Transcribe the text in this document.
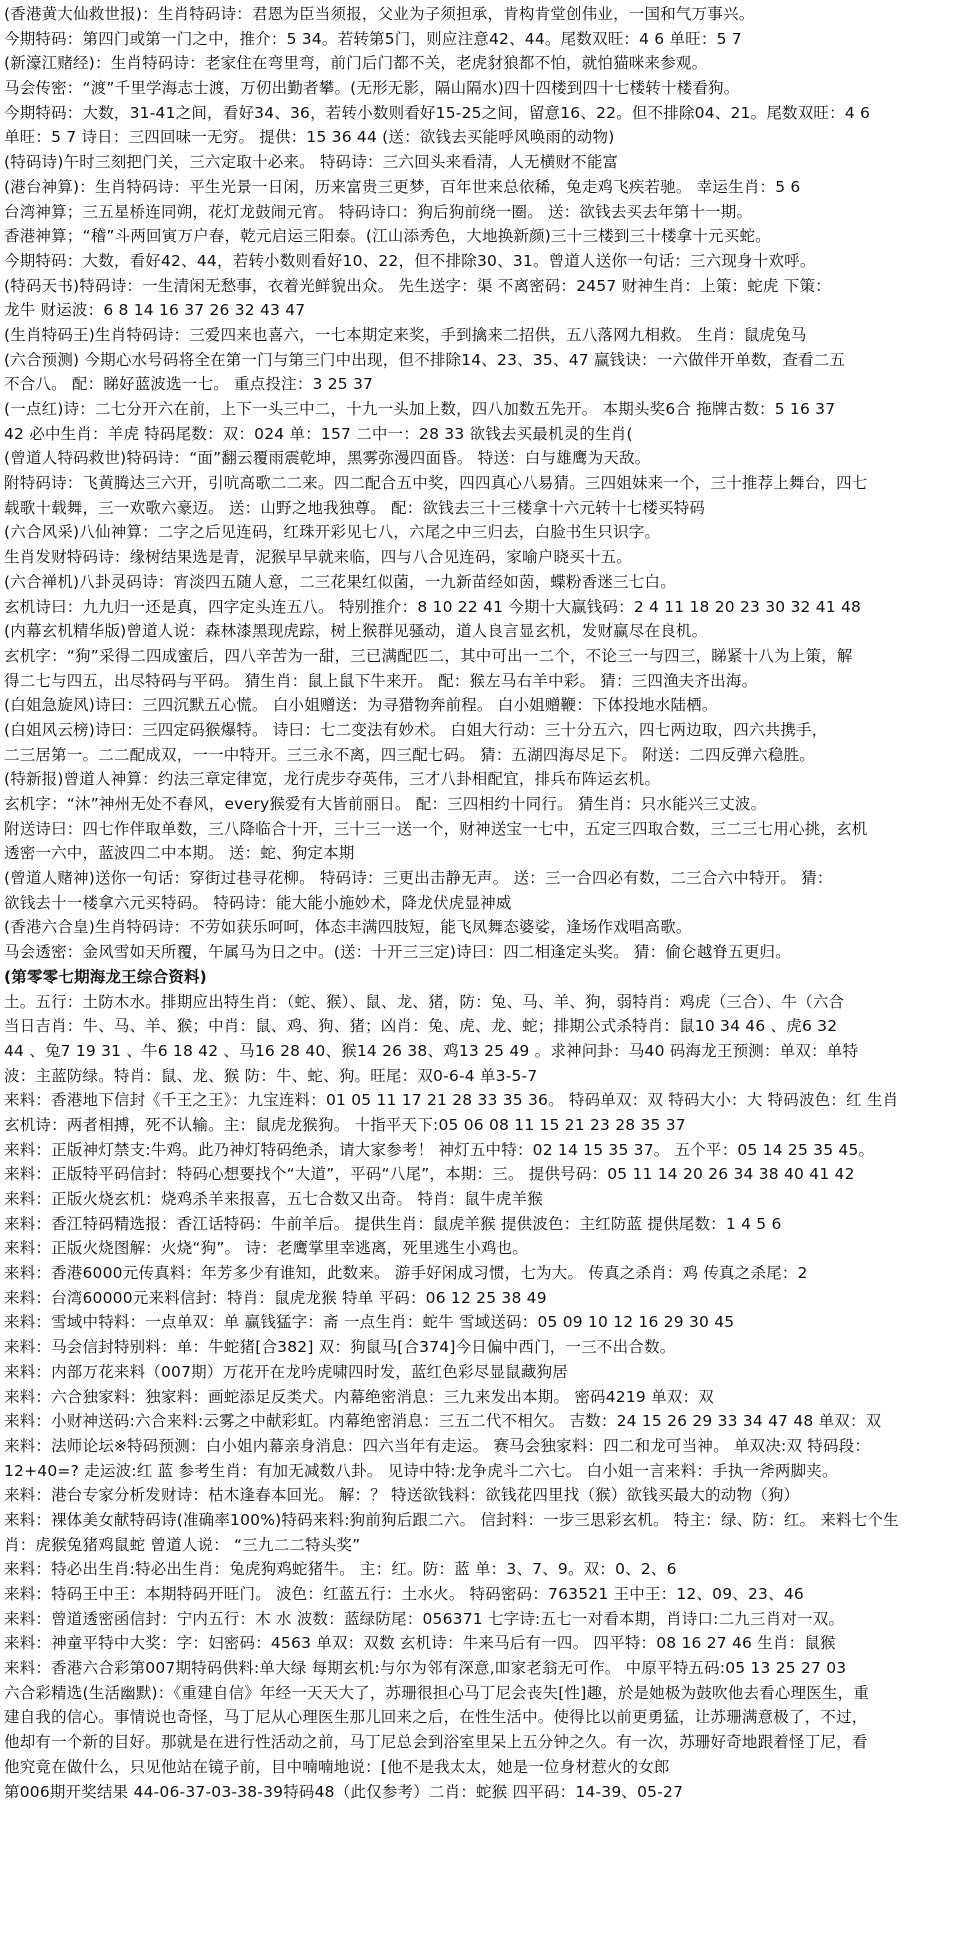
(香港黄大仙救世报)：生肖特码诗：君恩为臣当须报，父业为子须担承，肯构肯堂创伟业，一国和气万事兴。
今期特码：第四门或第一门之中，推介：5 34。若转第5门，则应注意42、44。尾数双旺：4 6 单旺：5 7
(新濠江赌经)：生肖特码诗：老家住在弯里弯，前门后门都不关，老虎豺狼都不怕，就怕猫咪来参观。
马会传密：“渡”千里学海志士渡，万仞出勤者攀。(无形无影，隔山隔水)四十四楼到四十七楼转十楼看狗。
今期特码：大数，31-41之间，看好34、36，若转小数则看好15-25之间，留意16、22。但不排除04、21。尾数双旺：4 6
单旺：5 7 诗日：三四回味一无穷。 提供：15 36 44 (送：欲钱去买能呼风唤雨的动物)
(特码诗)午时三刻把门关，三六定取十必来。 特码诗：三六回头来看清，人无横财不能富
(港台神算)：生肖特码诗：平生光景一日闲，历来富贵三更梦，百年世来总依稀，兔走鸡飞疾若驰。 幸运生肖：5 6
台湾神算；三五星桥连同朔，花灯龙鼓闹元宵。 特码诗口：狗后狗前绕一圈。 送：欲钱去买去年第十一期。
香港神算；“稽”斗两回寅万户春，乾元启运三阳泰。(江山添秀色，大地换新颜)三十三楼到三十楼拿十元买蛇。
今期特码：大数，看好42、44，若转小数则看好10、22，但不排除30、31。曾道人送你一句话：三六现身十欢呼。
(特码天书)特码诗：一生清闲无愁事，衣着光鲜貌出众。 先生送字：渠 不离密码：2457 财神生肖：上策：蛇虎 下策：
龙牛 财运波：6 8 14 16 37 26 32 43 47
(生肖特码王)生肖特码诗：三爱四来也喜六，一七本期定来奖，手到擒来二招供，五八落网九相救。 生肖：鼠虎兔马
(六合预测) 今期心水号码将全在第一门与第三门中出现，但不排除14、23、35、47 赢钱诀：一六做伴开单数，查看二五
不合八。 配：睇好蓝波选一七。 重点投注：3 25 37
(一点红)诗：二七分开六在前，上下一头三中二，十九一头加上数，四八加数五先开。 本期头奖6合 拖牌古数：5 16 37
42 必中生肖：羊虎 特码尾数：双：024 单：157 二中一：28 33 欲钱去买最机灵的生肖(
(曾道人特码救世)特码诗：“面”翻云覆雨震乾坤，黑雾弥漫四面昏。 特送：白与雄鹰为天敌。
附特码诗：飞黄腾达三六开，引吭高歌二二来。四二配合五中奖，四四真心八易猜。三四姐妹来一个，三十推荐上舞台，四七
载歌十载舞，三一欢歌六豪迈。 送：山野之地我独尊。 配：欲钱去三十三楼拿十六元转十七楼买特码
(六合风采)八仙神算：二字之后见连码，红珠开彩见七八，六尾之中三归去，白脸书生只识字。
生肖发财特码诗：缘树结果选是青，泥猴早早就来临，四与八合见连码，家喻户晓买十五。
(六合禅机)八卦灵码诗：宵淡四五随人意，二三花果红似菌，一九新苗经如茵，蝶粉香迷三七白。
玄机诗曰：九九归一还是真，四字定头连五八。 特别推介：8 10 22 41 今期十大赢钱码：2 4 11 18 20 23 30 32 41 48
(内幕玄机精华版)曾道人说：森林漆黑现虎踪，树上猴群见骚动，道人良言显玄机，发财赢尽在良机。
玄机字：“狗”采得二四成蜜后，四八辛苦为一甜，三已满配匹二，其中可出一二个，不论三一与四三，睇紧十八为上策，解
得二七与四五，出尽特码与平码。 猜生肖：鼠上鼠下牛来开。 配：猴左马右羊中彩。 猜：三四渔夫齐出海。
(白姐急旋风)诗曰：三四沉默五心慌。 白小姐赠送：为寻猎物奔前程。 白小姐赠鞭：下体投地水陆栖。
(白姐风云榜)诗曰：三四定码猴爆特。 诗曰：七二变法有妙术。 白姐大行动：三十分五六，四七两边取，四六共携手，
二三居第一。二二配成双，一一中特开。三三永不离，四三配七码。 猜：五湖四海尽足下。 附送：二四反弹六稳胜。
(特新报)曾道人神算：约法三章定律宽，龙行虎步夺英伟，三才八卦相配宜，排兵布阵运玄机。
玄机字：“沐”神州无处不春风，every猴爱有大皆前丽日。 配：三四相约十同行。 猜生肖：只水能兴三丈波。
附送诗曰：四七作伴取单数，三八降临合十开，三十三一送一个，财神送宝一七中，五定三四取合数，三二三七用心挑，玄机
透密一六中，蓝波四二中本期。 送：蛇、狗定本期
(曾道人赌神)送你一句话：穿街过巷寻花柳。 特码诗：三更出击静无声。 送：三一合四必有数，二三合六中特开。 猜：
欲钱去十一楼拿六元买特码。 特码诗：能大能小施妙术，降龙伏虎显神威
(香港六合皇)生肖特码诗：不劳如获乐呵呵，体态丰满四肢短，能飞凤舞态婆娑，逢场作戏唱高歌。
马会透密：金风雪如天所覆，午属马为日之中。(送：十开三三定)诗曰：四二相逢定头奖。 猜：偷仑越脊五更归。
(第零零七期海龙王综合资料)
土。五行：土防木水。排期应出特生肖：（蛇、猴）、鼠、龙、猪，防：兔、马、羊、狗，弱特肖：鸡虎（三合）、牛（六合
当日吉肖：牛、马、羊、猴；中肖：鼠、鸡、狗、猪；凶肖：兔、虎、龙、蛇；排期公式杀特肖：鼠10 34 46 、虎6 32
44 、兔7 19 31 、牛6 18 42 、马16 28 40、猴14 26 38、鸡13 25 49 。求神问卦：马40 码海龙王预测：单双：单特
波：主蓝防绿。特肖：鼠、龙、猴 防：牛、蛇、狗。旺尾：双0-6-4 单3-5-7
来料：香港地下信封《千王之王》：九宝连料：01 05 11 17 21 28 33 35 36。 特码单双：双 特码大小：大 特码波色：红 生肖
玄机诗：两者相搏，死不认输。主：鼠虎龙猴狗。 十指平天下:05 06 08 11 15 21 23 28 35 37
来料：正版神灯禁支:牛鸡。此乃神灯特码绝杀，请大家参考！ 神灯五中特：02 14 15 35 37。 五个平：05 14 25 35 45。
来料：正版特平码信封：特码心想要找个“大道”，平码“八尾”，本期：三。 提供号码：05 11 14 20 26 34 38 40 41 42
来料：正版火烧玄机：烧鸡杀羊来报喜，五七合数又出奇。 特肖：鼠牛虎羊猴
来料：香江特码精选报：香江话特码：牛前羊后。 提供生肖：鼠虎羊猴 提供波色：主红防蓝 提供尾数：1 4 5 6
来料：正版火烧图解：火烧“狗”。 诗：老鹰掌里幸逃离，死里逃生小鸡也。
来料：香港6000元传真料：年芳多少有谁知，此数来。 游手好闲成习惯，七为大。 传真之杀肖：鸡 传真之杀尾：2
来料：台湾60000元来料信封：特肖：鼠虎龙猴 特单 平码：06 12 25 38 49
来料：雪域中特料：一点单双：单 赢钱猛字：斋 一点生肖：蛇牛 雪域送码：05 09 10 12 16 29 30 45
来料：马会信封特别料：单：牛蛇猪[合382] 双：狗鼠马[合374]今日偏中西门，一三不出合数。
来料：内部万花来料（007期）万花开在龙吟虎啸四时发，蓝红色彩尽显鼠藏狗居
来料：六合独家料：独家料：画蛇添足反类犬。内幕绝密消息：三九来发出本期。 密码4219 单双：双
来料：小财神送码:六合来料:云雾之中献彩虹。内幕绝密消息：三五二代不相欠。 吉数：24 15 26 29 33 34 47 48 单双：双
来料：法师论坛※特码预测：白小姐内幕亲身消息：四六当年有走运。 赛马会独家料：四二和龙可当神。 单双决:双 特码段：
12+40=? 走运波:红 蓝 参考生肖：有加无减数八卦。 见诗中特:龙争虎斗二六七。 白小姐一言来料：手执一斧两脚夹。
来料：港台专家分析发财诗：枯木逢春本回光。 解：？ 特送欲钱料：欲钱花四里找（猴）欲钱买最大的动物（狗）
来料：裸体美女献特码诗(准确率100%)特码来料:狗前狗后跟二六。 信封料：一步三思彩玄机。 特主：绿、防：红。 来料七个生
肖：虎猴兔猪鸡鼠蛇 曾道人说： “三九二二特头奖”
来料：特必出生肖:特必出生肖：兔虎狗鸡蛇猪牛。 主：红。防：蓝 单：3、7、9。双：0、2、6
来料：特码王中王：本期特码开旺门。 波色：红蓝五行：土水火。 特码密码：763521 王中王：12、09、23、46
来料：曾道透密函信封：宁内五行：木 水 波数：蓝绿防尾：056371 七字诗:五七一对看本期，肖诗口:二九三肖对一双。
来料：神童平特中大奖：字：妇密码：4563 单双：双数 玄机诗：牛来马后有一四。 四平特：08 16 27 46 生肖：鼠猴
来料：香港六合彩第007期特码供料:单大绿 每期玄机:与尔为邻有深意,吅家老翁无可作。 中原平特五码:05 13 25 27 03
六合彩精选(生活幽默)：《重建自信》年经一天天大了，苏珊很担心马丁尼会丧失[性]趣，於是她极为鼓吹他去看心理医生，重
建自我的信心。事情说也奇怪，马丁尼从心理医生那儿回来之后，在性生活中。使得比以前更勇猛，让苏珊满意极了，不过，
他却有一个新的目好。那就是在进行性活动之前，马丁尼总会到浴室里呆上五分钟之久。有一次，苏珊好奇地跟着怪丁尼，看
他究竟在做什么，只见他站在镜子前，目中喃喃地说：[他不是我太太，她是一位身材惹火的女郎
第006期开奖结果 44-06-37-03-38-39特码48（此仅参考）二肖：蛇猴 四平码：14-39、05-27
